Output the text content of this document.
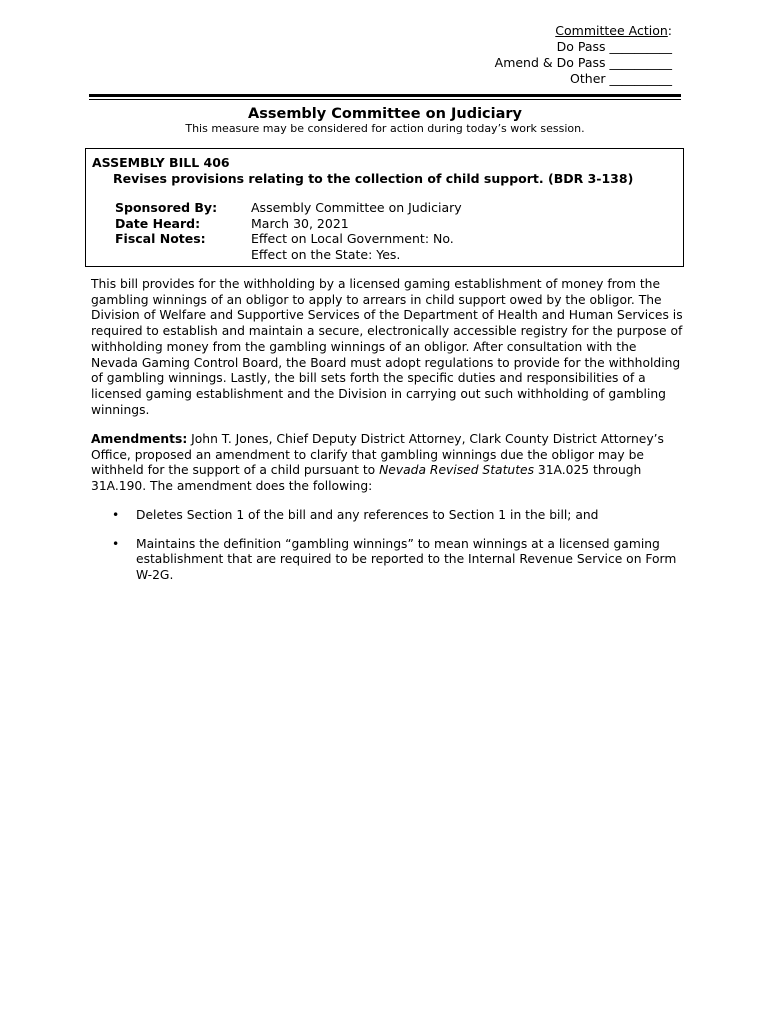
Committee Action:
Do Pass __________
Amend & Do Pass __________
Other __________
Assembly Committee on Judiciary
This measure may be considered for action during today’s work session.
ASSEMBLY BILL 406
Revises provisions relating to the collection of child support. (BDR 3-138)
Sponsored By:	Assembly Committee on Judiciary
Date Heard:	March 30, 2021
Fiscal Notes:	Effect on Local Government: No.
Effect on the State: Yes.
This bill provides for the withholding by a licensed gaming establishment of money from the gambling winnings of an obligor to apply to arrears in child support owed by the obligor. The Division of Welfare and Supportive Services of the Department of Health and Human Services is required to establish and maintain a secure, electronically accessible registry for the purpose of withholding money from the gambling winnings of an obligor. After consultation with the Nevada Gaming Control Board, the Board must adopt regulations to provide for the withholding of gambling winnings. Lastly, the bill sets forth the specific duties and responsibilities of a licensed gaming establishment and the Division in carrying out such withholding of gambling winnings.
Amendments: John T. Jones, Chief Deputy District Attorney, Clark County District Attorney’s Office, proposed an amendment to clarify that gambling winnings due the obligor may be withheld for the support of a child pursuant to Nevada Revised Statutes 31A.025 through 31A.190. The amendment does the following:
• Deletes Section 1 of the bill and any references to Section 1 in the bill; and
• Maintains the definition “gambling winnings” to mean winnings at a licensed gaming establishment that are required to be reported to the Internal Revenue Service on Form W-2G.
